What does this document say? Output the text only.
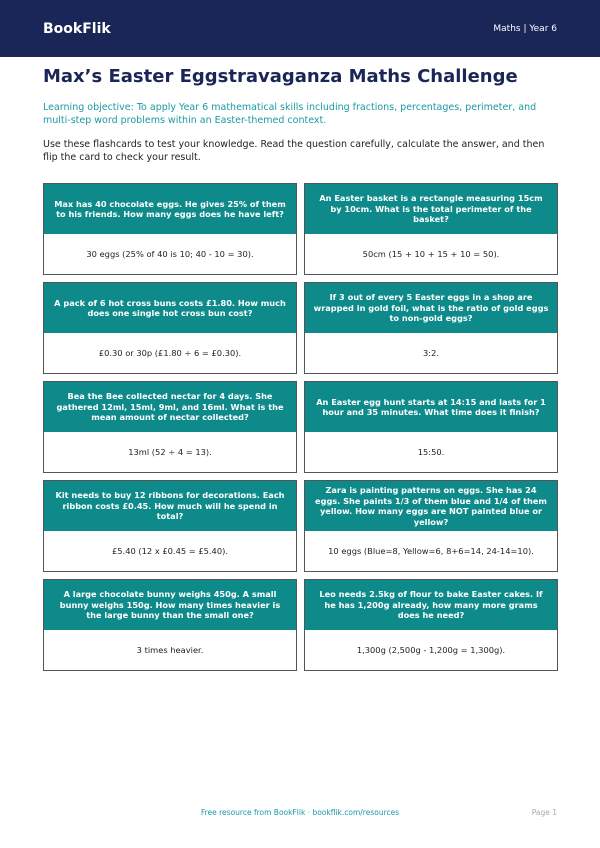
BookFlik	Maths | Year 6
Max’s Easter Eggstravaganza Maths Challenge

Learning objective: To apply Year 6 mathematical skills including fractions, percentages, perimeter, and multi-step word problems within an Easter-themed context.

Use these flashcards to test your knowledge. Read the question carefully, calculate the answer, and then flip the card to check your result.

Max has 40 chocolate eggs. He gives 25% of them to his friends. How many eggs does he have left?
30 eggs (25% of 40 is 10; 40 - 10 = 30).
An Easter basket is a rectangle measuring 15cm by 10cm. What is the total perimeter of the basket?
50cm (15 + 10 + 15 + 10 = 50).
A pack of 6 hot cross buns costs £1.80. How much does one single hot cross bun cost?
£0.30 or 30p (£1.80 ÷ 6 = £0.30).
If 3 out of every 5 Easter eggs in a shop are wrapped in gold foil, what is the ratio of gold eggs to non-gold eggs?
3:2.
Bea the Bee collected nectar for 4 days. She gathered 12ml, 15ml, 9ml, and 16ml. What is the mean amount of nectar collected?
13ml (52 ÷ 4 = 13).
An Easter egg hunt starts at 14:15 and lasts for 1 hour and 35 minutes. What time does it finish?
15:50.
Kit needs to buy 12 ribbons for decorations. Each ribbon costs £0.45. How much will he spend in total?
£5.40 (12 x £0.45 = £5.40).
Zara is painting patterns on eggs. She has 24 eggs. She paints 1/3 of them blue and 1/4 of them yellow. How many eggs are NOT painted blue or yellow?
10 eggs (Blue=8, Yellow=6, 8+6=14, 24-14=10).
A large chocolate bunny weighs 450g. A small bunny weighs 150g. How many times heavier is the large bunny than the small one?
3 times heavier.
Leo needs 2.5kg of flour to bake Easter cakes. If he has 1,200g already, how many more grams does he need?
1,300g (2,500g - 1,200g = 1,300g).
Free resource from BookFlik · bookflik.com/resources	Page 1
